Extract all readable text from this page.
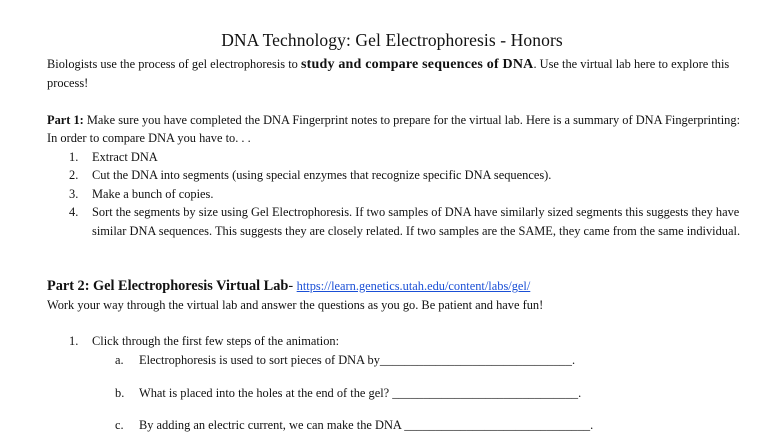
DNA Technology: Gel Electrophoresis - Honors

Biologists use the process of gel electrophoresis to study and compare sequences of DNA. Use the virtual lab here to explore this process!

Part 1: Make sure you have completed the DNA Fingerprint notes to prepare for the virtual lab. Here is a summary of DNA Fingerprinting: In order to compare DNA you have to. . .

1. Extract DNA
2. Cut the DNA into segments (using special enzymes that recognize specific DNA sequences).
3. Make a bunch of copies.
4. Sort the segments by size using Gel Electrophoresis. If two samples of DNA have similarly sized segments this suggests they have similar DNA sequences. This suggests they are closely related. If two samples are the SAME, they came from the same individual.

Part 2: Gel Electrophoresis Virtual Lab- https://learn.genetics.utah.edu/content/labs/gel/

Work your way through the virtual lab and answer the questions as you go. Be patient and have fun!

1. Click through the first few steps of the animation:
a. Electrophoresis is used to sort pieces of DNA by_______________________________.
b. What is placed into the holes at the end of the gel? ______________________________.
c. By adding an electric current, we can make the DNA ______________________________.
